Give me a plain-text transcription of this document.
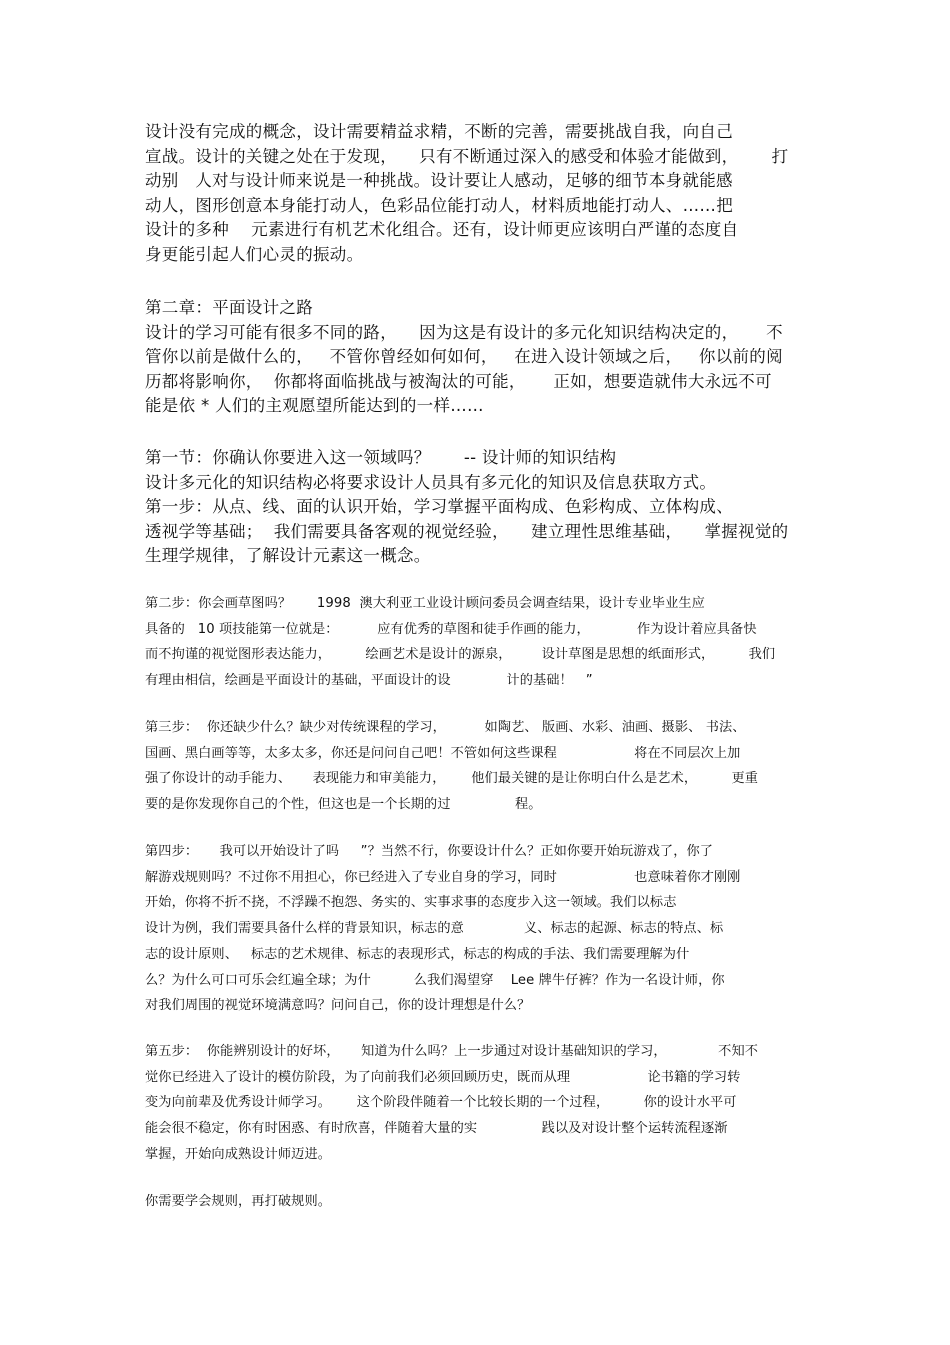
设计没有完成的概念，设计需要精益求精，不断的完善，需要挑战自我，向自己
宣战。设计的关键之处在于发现，    只有不断通过深入的感受和体验才能做到，      打
动别   人对与设计师来说是一种挑战。设计要让人感动，足够的细节本身就能感
动人，图形创意本身能打动人，色彩品位能打动人，材料质地能打动人、……把
设计的多种    元素进行有机艺术化组合。还有，设计师更应该明白严谨的态度自
身更能引起人们心灵的振动。
第二章：平面设计之路
设计的学习可能有很多不同的路，    因为这是有设计的多元化知识结构决定的，     不
管你以前是做什么的，   不管你曾经如何如何，   在进入设计领域之后，   你以前的阅
历都将影响你，  你都将面临挑战与被淘汰的可能，     正如，想要造就伟大永远不可
能是依 * 人们的主观愿望所能达到的一样……
第一节：你确认你要进入这一领域吗？      -- 设计师的知识结构
设计多元化的知识结构必将要求设计人员具有多元化的知识及信息获取方式。
第一步：从点、线、面的认识开始，学习掌握平面构成、色彩构成、立体构成、
透视学等基础；  我们需要具备客观的视觉经验，    建立理性思维基础，    掌握视觉的
生理学规律，了解设计元素这一概念。
第二步：你会画草图吗？      1998  澳大利亚工业设计顾问委员会调查结果，设计专业毕业生应
具备的   10 项技能第一位就是：         应有优秀的草图和徒手作画的能力，           作为设计着应具备快
而不拘谨的视觉图形表达能力，        绘画艺术是设计的源泉，       设计草图是思想的纸面形式，        我们
有理由相信，绘画是平面设计的基础，平面设计的设             计的基础！   ”
第三步：  你还缺少什么？缺少对传统课程的学习，         如陶艺、 版画、水彩、油画、摄影、 书法、
国画、黑白画等等，太多太多，你还是问问自己吧！不管如何这些课程                  将在不同层次上加
强了你设计的动手能力、     表现能力和审美能力，      他们最关键的是让你明白什么是艺术，        更重
要的是你发现你自己的个性，但这也是一个长期的过               程。
第四步：     我可以开始设计了吗     ”？当然不行，你要设计什么？正如你要开始玩游戏了，你了
解游戏规则吗？不过你不用担心，你已经进入了专业自身的学习，同时                  也意味着你才刚刚
开始，你将不折不挠，不浮躁不抱怨、务实的、实事求事的态度步入这一领域。我们以标志
设计为例，我们需要具备什么样的背景知识，标志的意              义、标志的起源、标志的特点、标
志的设计原则、   标志的艺术规律、标志的表现形式，标志的构成的手法、我们需要理解为什
么？为什么可口可乐会红遍全球；为什          么我们渴望穿    Lee 牌牛仔裤？作为一名设计师，你
对我们周围的视觉环境满意吗？问问自己，你的设计理想是什么？
第五步：  你能辨别设计的好坏，     知道为什么吗？上一步通过对设计基础知识的学习，            不知不
觉你已经进入了设计的模仿阶段，为了向前我们必须回顾历史，既而从理                  论书籍的学习转
变为向前辈及优秀设计师学习。      这个阶段伴随着一个比较长期的一个过程，        你的设计水平可
能会很不稳定，你有时困惑、有时欣喜，伴随着大量的实               践以及对设计整个运转流程逐渐
掌握，开始向成熟设计师迈进。
你需要学会规则，再打破规则。
